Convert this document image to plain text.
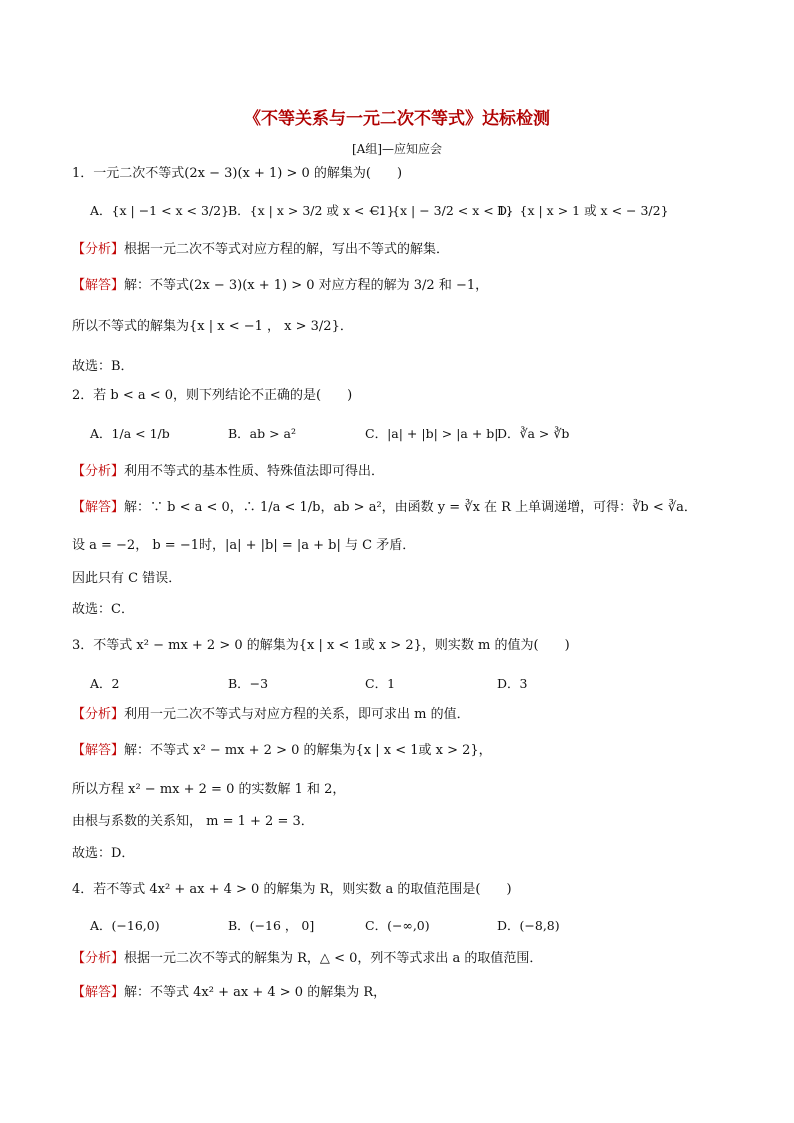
《不等关系与一元二次不等式》达标检测
[A组]—应知应会
1．一元二次不等式(2x − 3)(x + 1) > 0 的解集为(　　)
A．{x | −1 < x < 3/2}
B．{x | x > 3/2 或 x < −1}
C．{x | − 3/2 < x < 1}
D．{x | x > 1 或 x < − 3/2}
【分析】根据一元二次不等式对应方程的解，写出不等式的解集．
【解答】解：不等式(2x − 3)(x + 1) > 0 对应方程的解为 3/2 和 −1，
所以不等式的解集为{x | x < −1 ， x > 3/2}．
故选：B．
2．若 b < a < 0，则下列结论不正确的是(　　)
A．1/a < 1/b	B．ab > a²	C．|a| + |b| > |a + b|
D．∛a > ∛b
【分析】利用不等式的基本性质、特殊值法即可得出．
【解答】解：∵ b < a < 0，∴ 1/a < 1/b，ab > a²，由函数 y = ∛x 在 R 上单调递增，可得：∛b < ∛a．
设 a = −2， b = −1时，|a| + |b| = |a + b| 与 C 矛盾．
因此只有 C 错误．
故选：C．
3．不等式 x² − mx + 2 > 0 的解集为{x | x < 1或 x > 2}，则实数 m 的值为(　　)
A．2	B．−3	C．1	D．3
【分析】利用一元二次不等式与对应方程的关系，即可求出 m 的值．
【解答】解：不等式 x² − mx + 2 > 0 的解集为{x | x < 1或 x > 2}，
所以方程 x² − mx + 2 = 0 的实数解 1 和 2，
由根与系数的关系知， m = 1 + 2 = 3．
故选：D．
4．若不等式 4x² + ax + 4 > 0 的解集为 R，则实数 a 的取值范围是(　　)
A．(−16,0)	B．(−16 ， 0]	C．(−∞,0)	D．(−8,8)
【分析】根据一元二次不等式的解集为 R，△ < 0，列不等式求出 a 的取值范围．
【解答】解：不等式 4x² + ax + 4 > 0 的解集为 R，
